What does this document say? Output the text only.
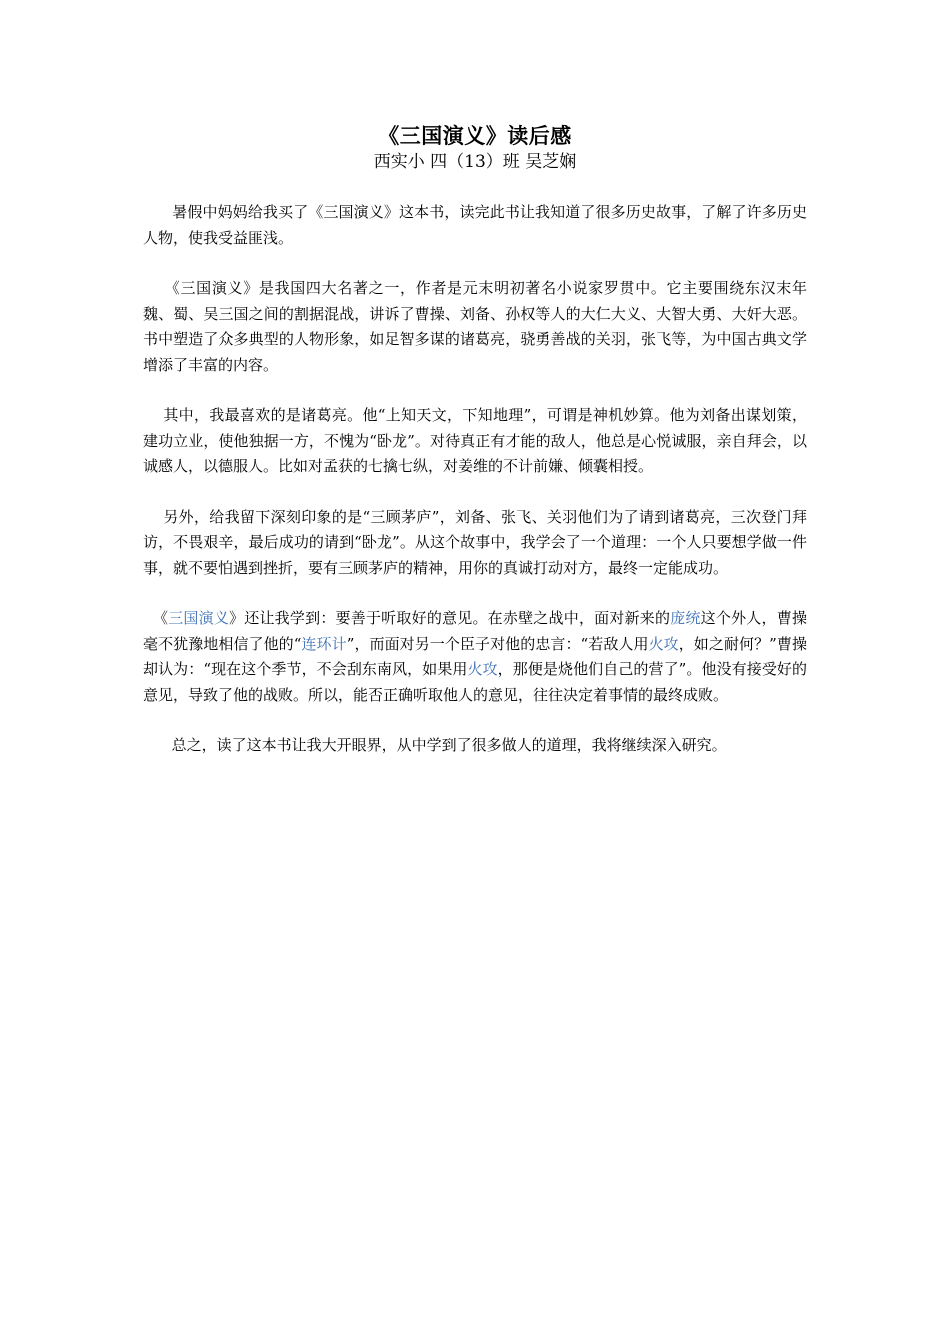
《三国演义》读后感
西实小 四（13）班 吴芝娴

暑假中妈妈给我买了《三国演义》这本书，读完此书让我知道了很多历史故事，了解了许多历史人物，使我受益匪浅。

《三国演义》是我国四大名著之一，作者是元末明初著名小说家罗贯中。它主要围绕东汉末年魏、蜀、吴三国之间的割据混战，讲诉了曹操、刘备、孙权等人的大仁大义、大智大勇、大奸大恶。书中塑造了众多典型的人物形象，如足智多谋的诸葛亮，骁勇善战的关羽，张飞等，为中国古典文学增添了丰富的内容。

其中，我最喜欢的是诸葛亮。他“上知天文，下知地理”，可谓是神机妙算。他为刘备出谋划策，建功立业，使他独据一方，不愧为“卧龙”。对待真正有才能的敌人，他总是心悦诚服，亲自拜会，以诚感人，以德服人。比如对孟获的七擒七纵，对姜维的不计前嫌、倾囊相授。

另外，给我留下深刻印象的是“三顾茅庐”，刘备、张飞、关羽他们为了请到诸葛亮，三次登门拜访，不畏艰辛，最后成功的请到“卧龙”。从这个故事中，我学会了一个道理：一个人只要想学做一件事，就不要怕遇到挫折，要有三顾茅庐的精神，用你的真诚打动对方，最终一定能成功。

《三国演义》还让我学到：要善于听取好的意见。在赤壁之战中，面对新来的庞统这个外人，曹操毫不犹豫地相信了他的“连环计”，而面对另一个臣子对他的忠言：“若敌人用火攻，如之耐何？”曹操却认为：“现在这个季节，不会刮东南风，如果用火攻，那便是烧他们自己的营了”。他没有接受好的意见，导致了他的战败。所以，能否正确听取他人的意见，往往决定着事情的最终成败。

总之，读了这本书让我大开眼界，从中学到了很多做人的道理，我将继续深入研究。
